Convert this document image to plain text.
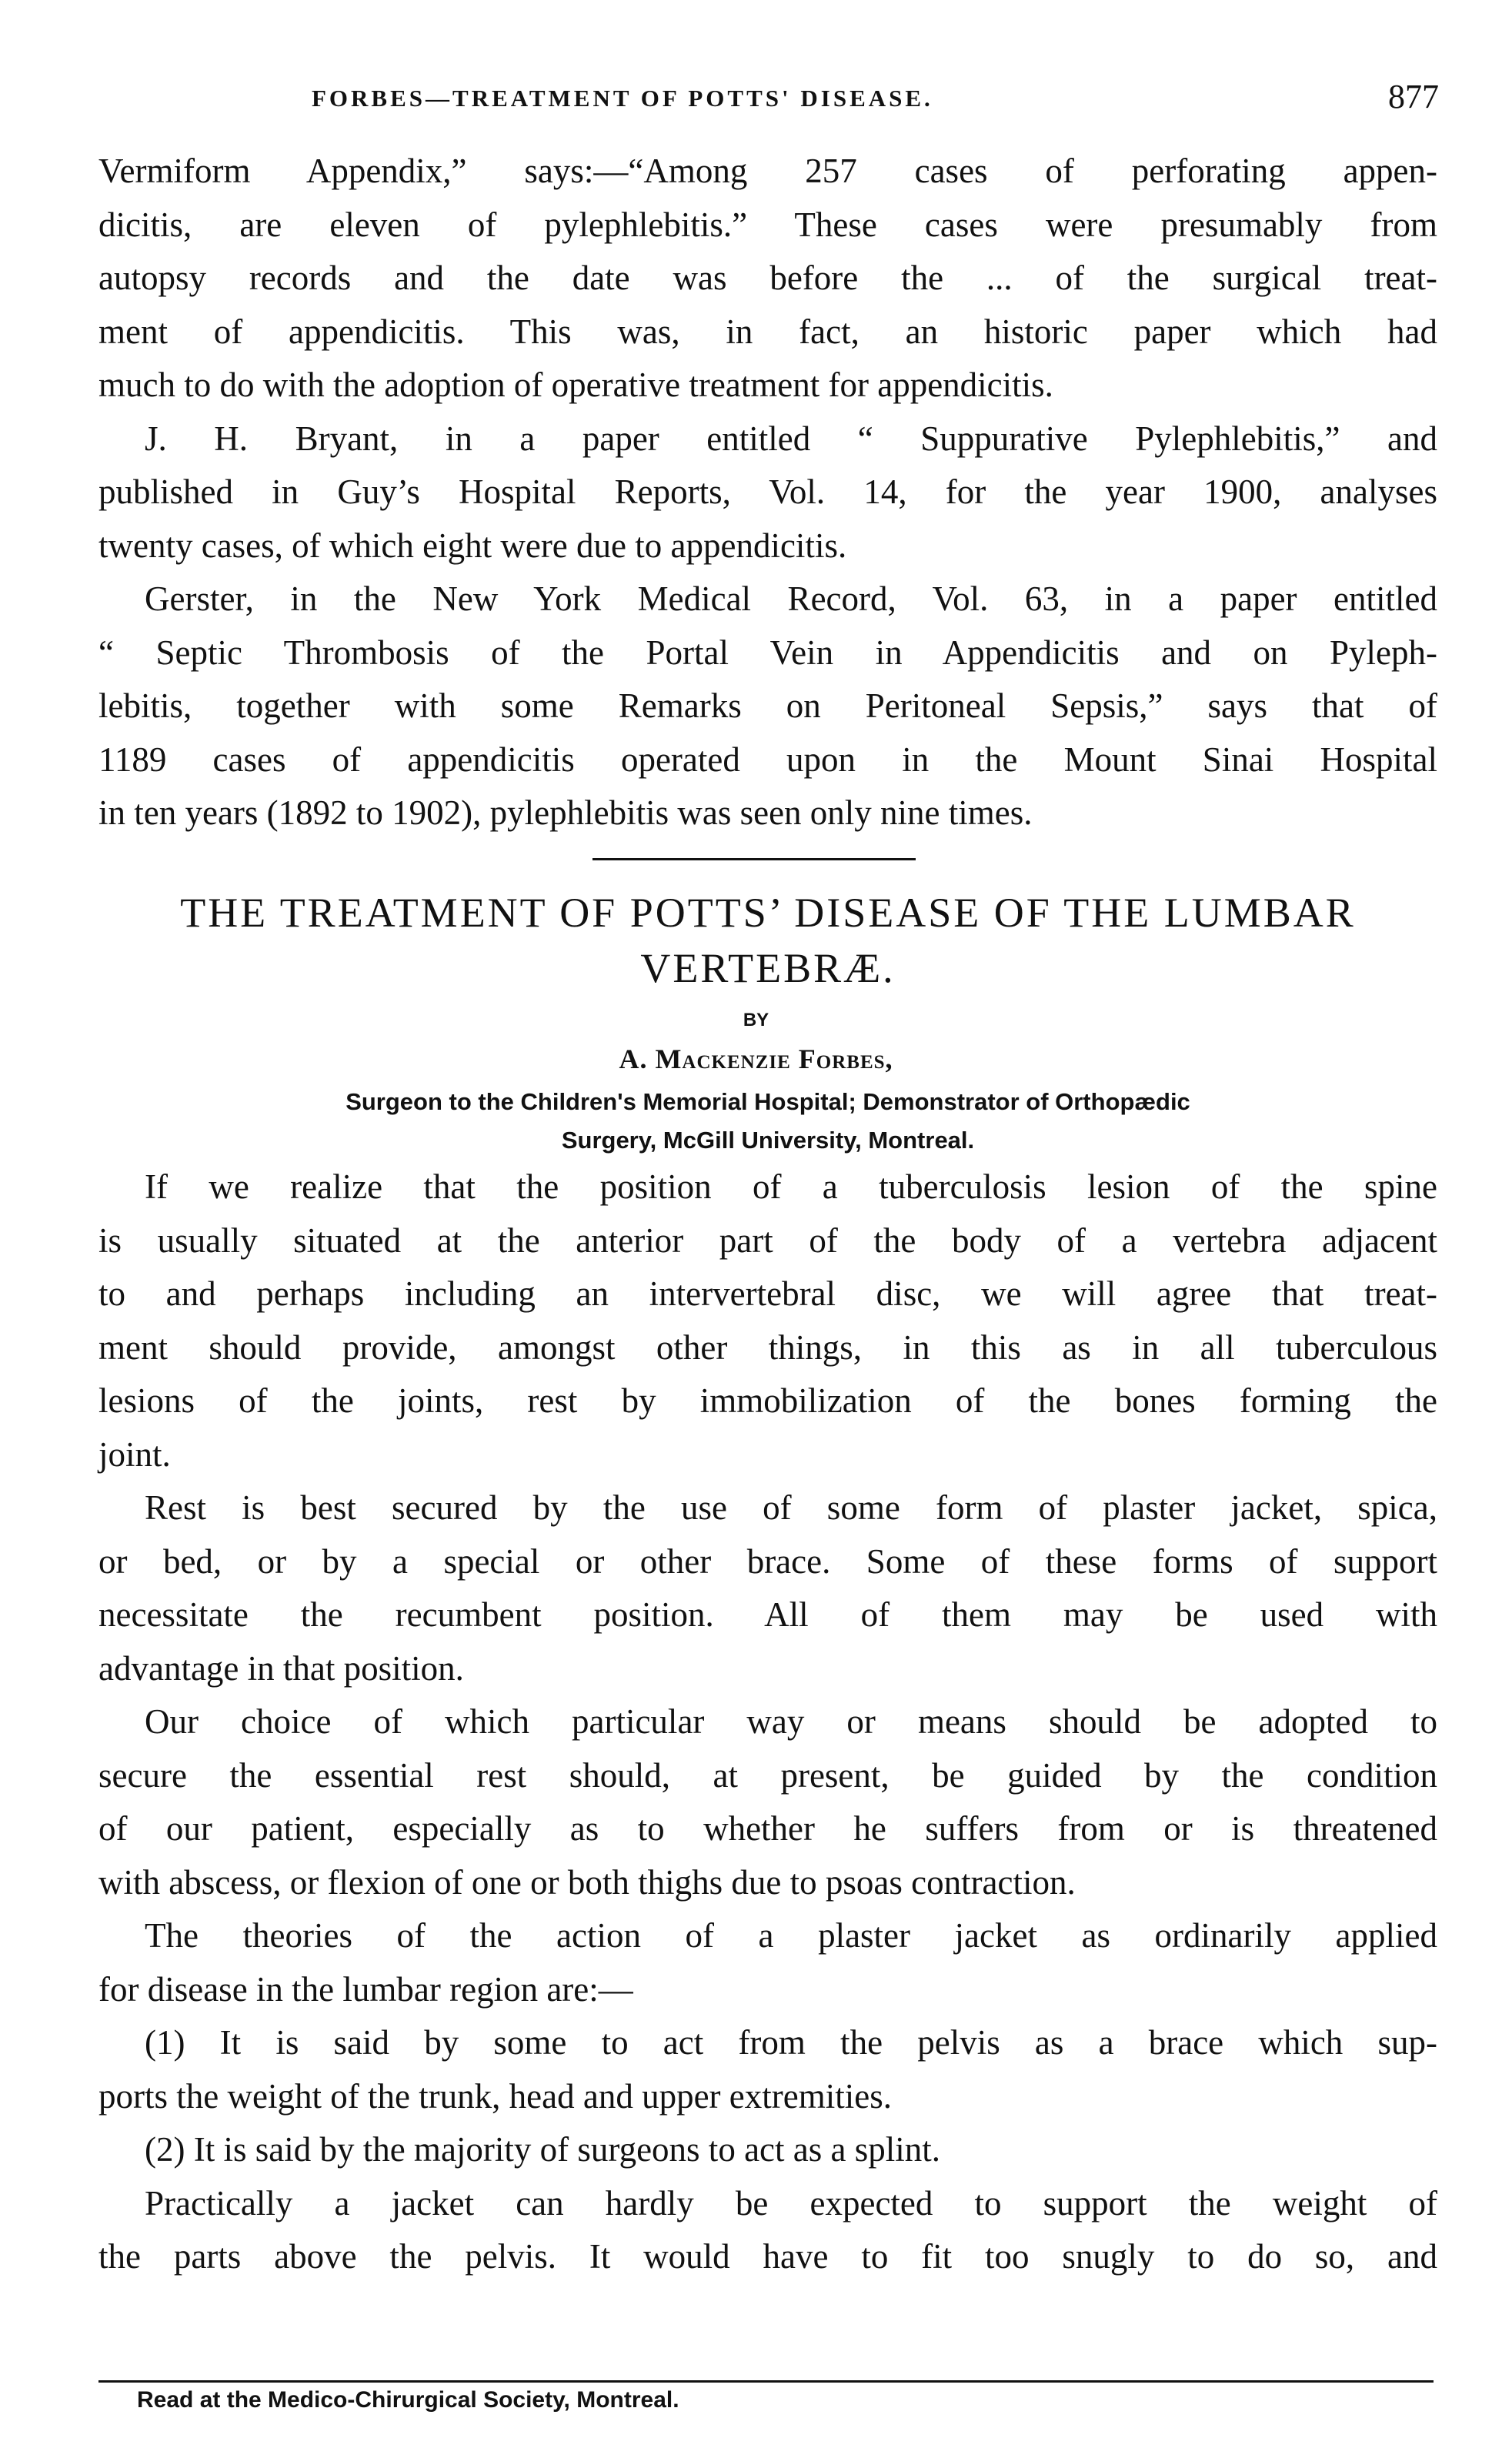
FORBES—TREATMENT OF POTTS' DISEASE.	877

Vermiform Appendix,” says:—“Among 257 cases of perforating appen-
dicitis, are eleven of pylephlebitis.” These cases were presumably from
autopsy records and the date was before the ... of the surgical treat-
ment of appendicitis. This was, in fact, an historic paper which had
much to do with the adoption of operative treatment for appendicitis.

J. H. Bryant, in a paper entitled “ Suppurative Pylephlebitis,” and
published in Guy’s Hospital Reports, Vol. 14, for the year 1900, analyses
twenty cases, of which eight were due to appendicitis.

Gerster, in the New York Medical Record, Vol. 63, in a paper entitled
“ Septic Thrombosis of the Portal Vein in Appendicitis and on Pyleph-
lebitis, together with some Remarks on Peritoneal Sepsis,” says that of
1189 cases of appendicitis operated upon in the Mount Sinai Hospital
in ten years (1892 to 1902), pylephlebitis was seen only nine times.

THE TREATMENT OF POTTS’ DISEASE OF THE LUMBAR
VERTEBRÆ.
BY
A. Mackenzie Forbes,
Surgeon to the Children's Memorial Hospital; Demonstrator of Orthopædic
Surgery, McGill University, Montreal.

If we realize that the position of a tuberculosis lesion of the spine
is usually situated at the anterior part of the body of a vertebra adjacent
to and perhaps including an intervertebral disc, we will agree that treat-
ment should provide, amongst other things, in this as in all tuberculous
lesions of the joints, rest by immobilization of the bones forming the
joint.

Rest is best secured by the use of some form of plaster jacket, spica,
or bed, or by a special or other brace. Some of these forms of support
necessitate the recumbent position. All of them may be used with
advantage in that position.

Our choice of which particular way or means should be adopted to
secure the essential rest should, at present, be guided by the condition
of our patient, especially as to whether he suffers from or is threatened
with abscess, or flexion of one or both thighs due to psoas contraction.

The theories of the action of a plaster jacket as ordinarily applied
for disease in the lumbar region are:—

(1) It is said by some to act from the pelvis as a brace which sup-
ports the weight of the trunk, head and upper extremities.

(2) It is said by the majority of surgeons to act as a splint.

Practically a jacket can hardly be expected to support the weight of
the parts above the pelvis. It would have to fit too snugly to do so, and

Read at the Medico-Chirurgical Society, Montreal.
